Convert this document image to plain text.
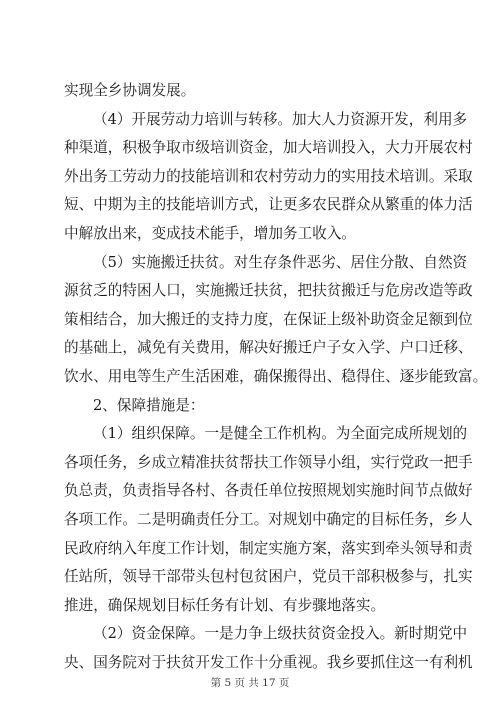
实现全乡协调发展。
（4）开展劳动力培训与转移。加大人力资源开发，利用多
种渠道，积极争取市级培训资金，加大培训投入，大力开展农村
外出务工劳动力的技能培训和农村劳动力的实用技术培训。采取
短、中期为主的技能培训方式，让更多农民群众从繁重的体力活
中解放出来，变成技术能手，增加务工收入。
（5）实施搬迁扶贫。对生存条件恶劣、居住分散、自然资
源贫乏的特困人口，实施搬迁扶贫，把扶贫搬迁与危房改造等政
策相结合，加大搬迁的支持力度，在保证上级补助资金足额到位
的基础上，减免有关费用，解决好搬迁户子女入学、户口迁移、
饮水、用电等生产生活困难，确保搬得出、稳得住、逐步能致富。
2、保障措施是：
（1）组织保障。一是健全工作机构。为全面完成所规划的
各项任务，乡成立精准扶贫帮扶工作领导小组，实行党政一把手
负总责，负责指导各村、各责任单位按照规划实施时间节点做好
各项工作。二是明确责任分工。对规划中确定的目标任务，乡人
民政府纳入年度工作计划，制定实施方案，落实到牵头领导和责
任站所，领导干部带头包村包贫困户，党员干部积极参与，扎实
推进，确保规划目标任务有计划、有步骤地落实。
（2）资金保障。一是力争上级扶贫资金投入。新时期党中
央、国务院对于扶贫开发工作十分重视。我乡要抓住这一有利机
第 5 页 共 17 页
